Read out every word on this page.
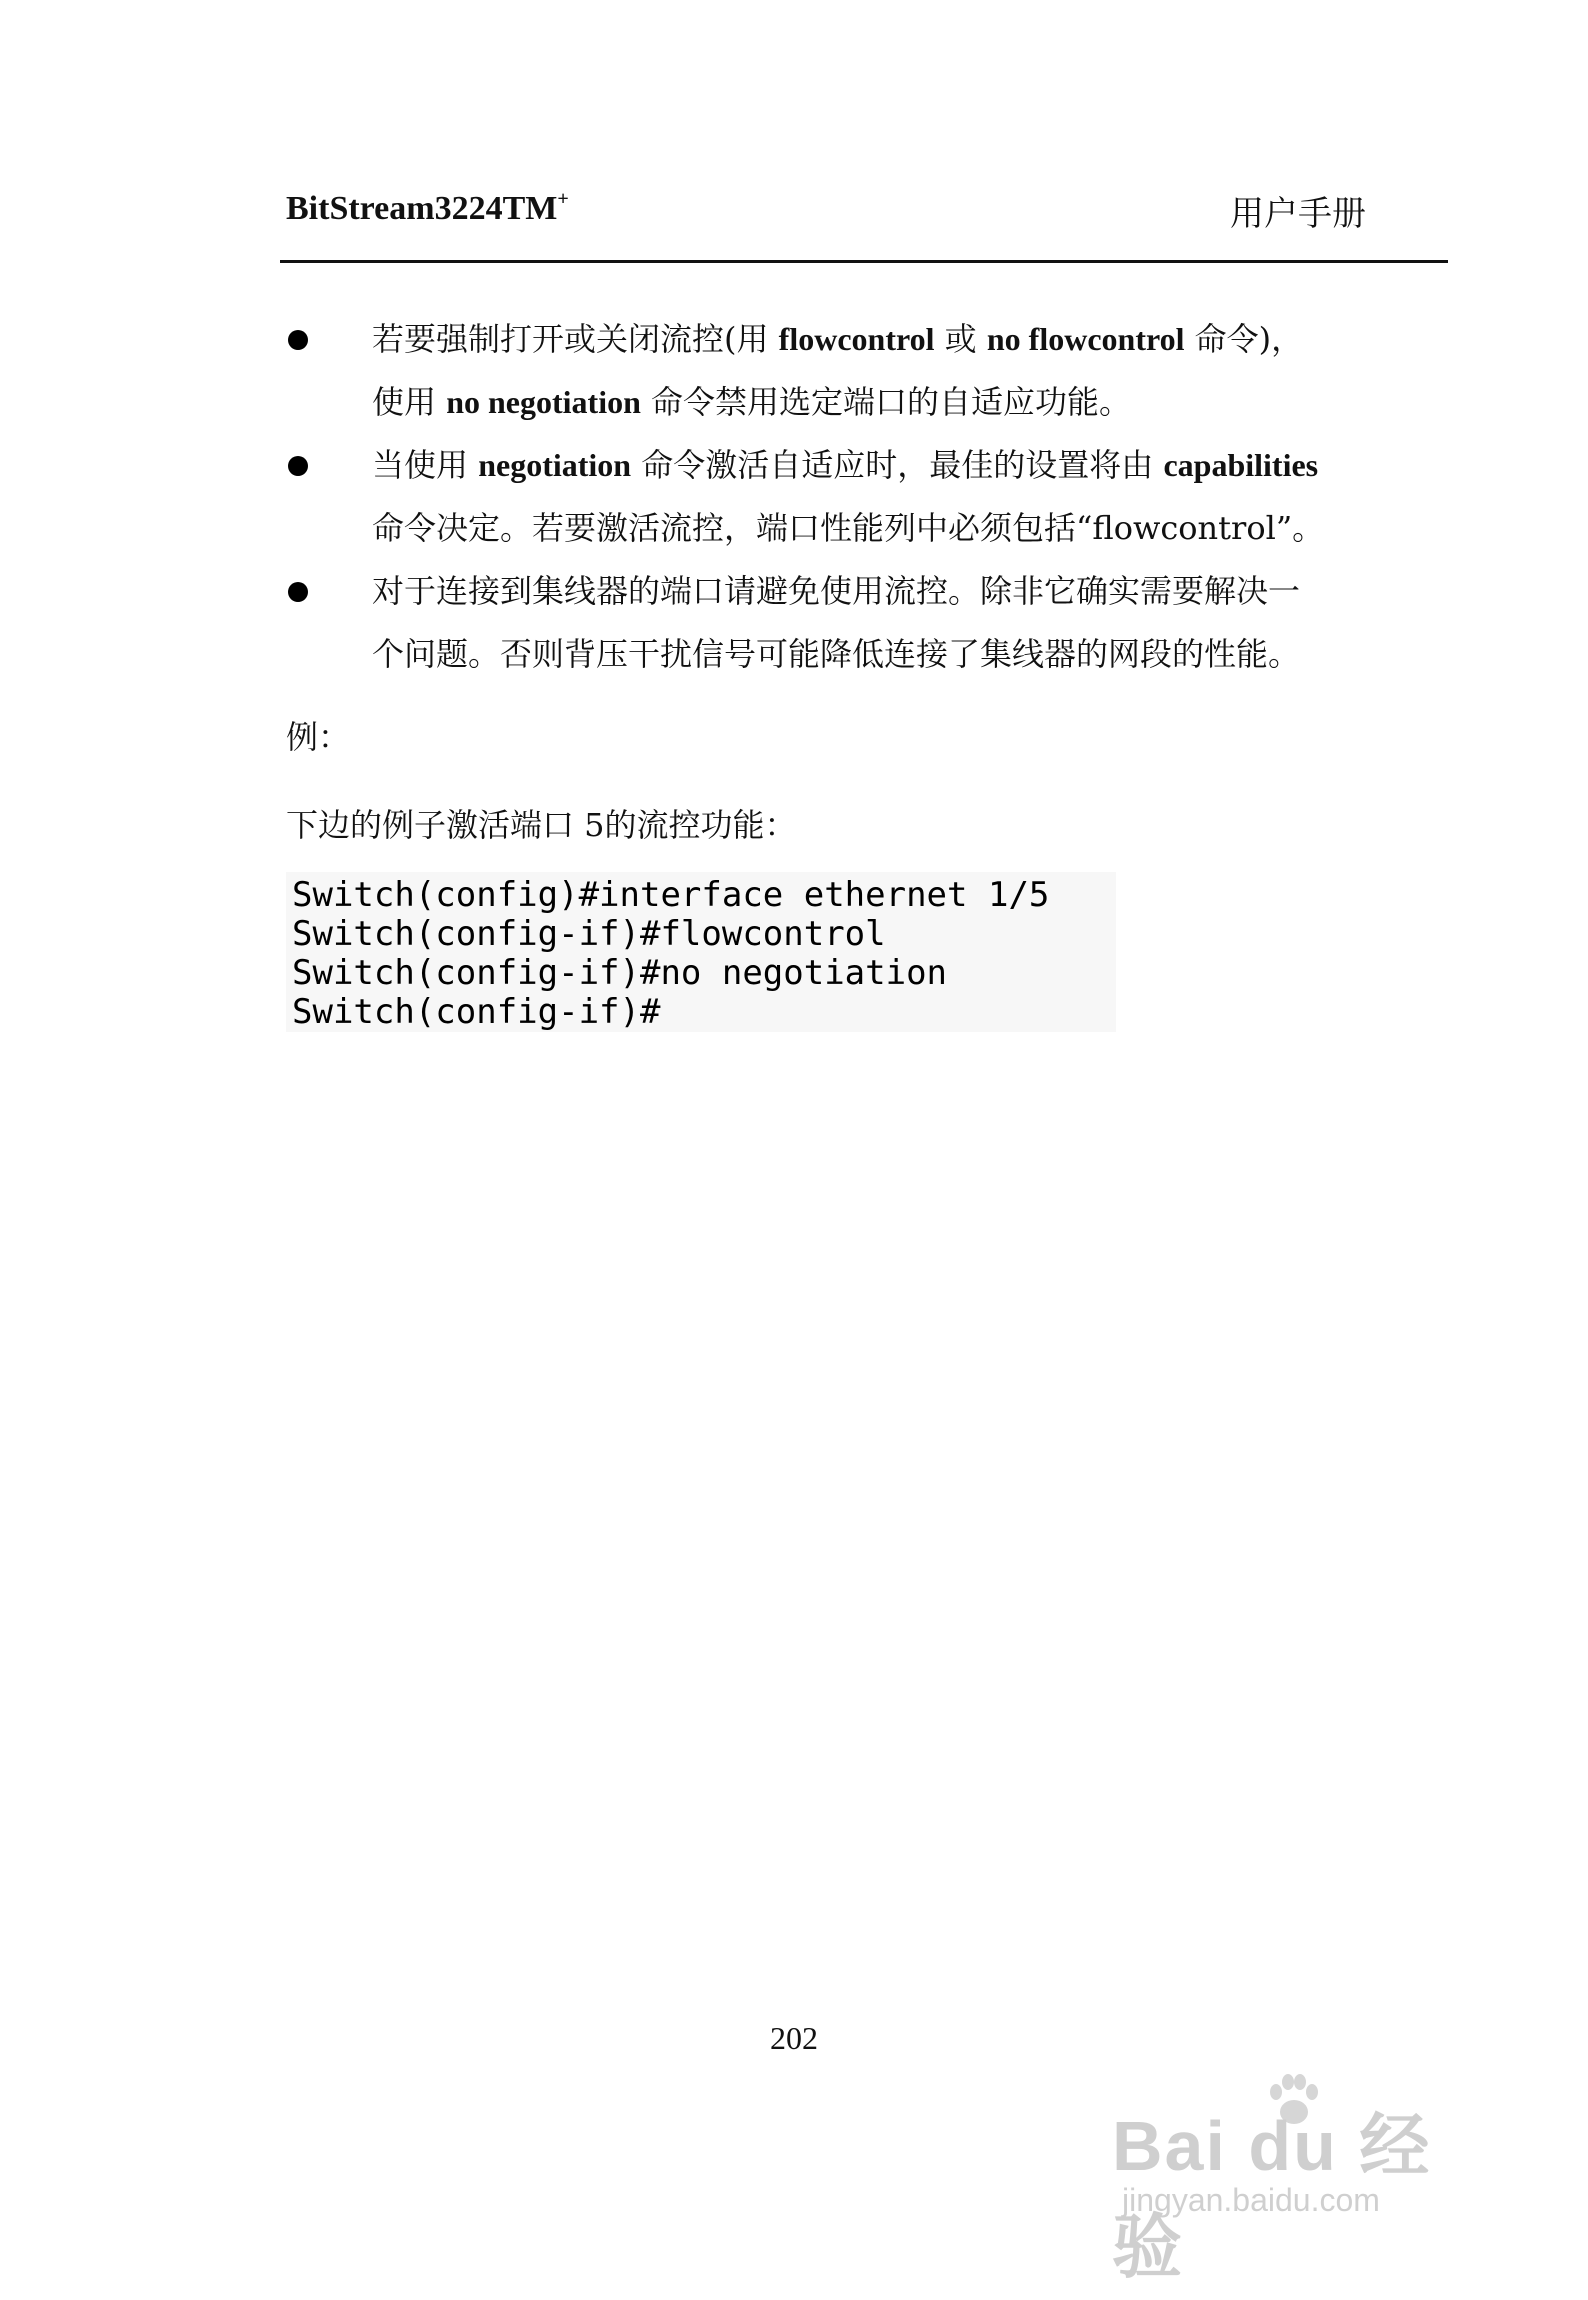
BitStream3224TM+	用户手册
若要强制打开或关闭流控(用 flowcontrol 或 no flowcontrol 命令)，
使用 no negotiation 命令禁用选定端口的自适应功能。
当使用 negotiation 命令激活自适应时，最佳的设置将由 capabilities
命令决定。若要激活流控，端口性能列中必须包括“flowcontrol”。
对于连接到集线器的端口请避免使用流控。除非它确实需要解决一
个问题。否则背压干扰信号可能降低连接了集线器的网段的性能。
例：
下边的例子激活端口 5的流控功能：
Switch(config)#interface ethernet 1/5
Switch(config-if)#flowcontrol
Switch(config-if)#no negotiation
Switch(config-if)#
202
Bai du 经验
jingyan.baidu.com
